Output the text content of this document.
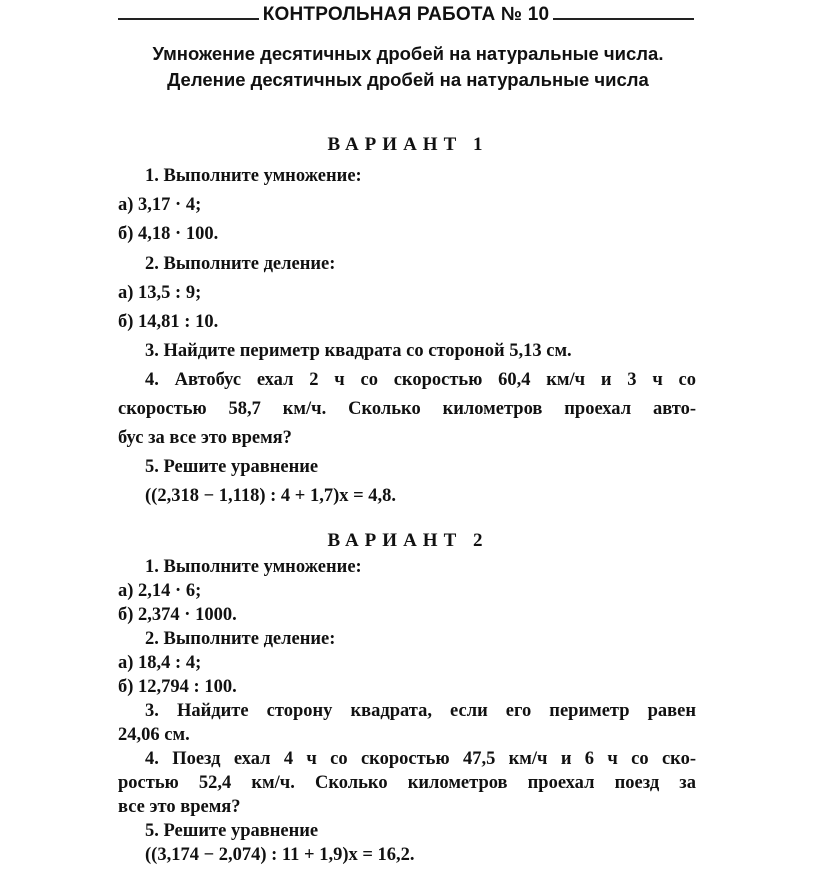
КОНТРОЛЬНАЯ РАБОТА № 10
Умножение десятичных дробей на натуральные числа.
Деление десятичных дробей на натуральные числа
ВАРИАНТ 1
1. Выполните умножение:
а) 3,17 · 4;
б) 4,18 · 100.
2. Выполните деление:
а) 13,5 : 9;
б) 14,81 : 10.
3. Найдите периметр квадрата со стороной 5,13 см.
4. Автобус ехал 2 ч со скоростью 60,4 км/ч и 3 ч со
скоростью 58,7 км/ч. Сколько километров проехал авто-
бус за все это время?
5. Решите уравнение
((2,318 − 1,118) : 4 + 1,7)x = 4,8.
ВАРИАНТ 2
1. Выполните умножение:
а) 2,14 · 6;
б) 2,374 · 1000.
2. Выполните деление:
а) 18,4 : 4;
б) 12,794 : 100.
3. Найдите сторону квадрата, если его периметр равен
24,06 см.
4. Поезд ехал 4 ч со скоростью 47,5 км/ч и 6 ч со ско-
ростью 52,4 км/ч. Сколько километров проехал поезд за
все это время?
5. Решите уравнение
((3,174 − 2,074) : 11 + 1,9)x = 16,2.
